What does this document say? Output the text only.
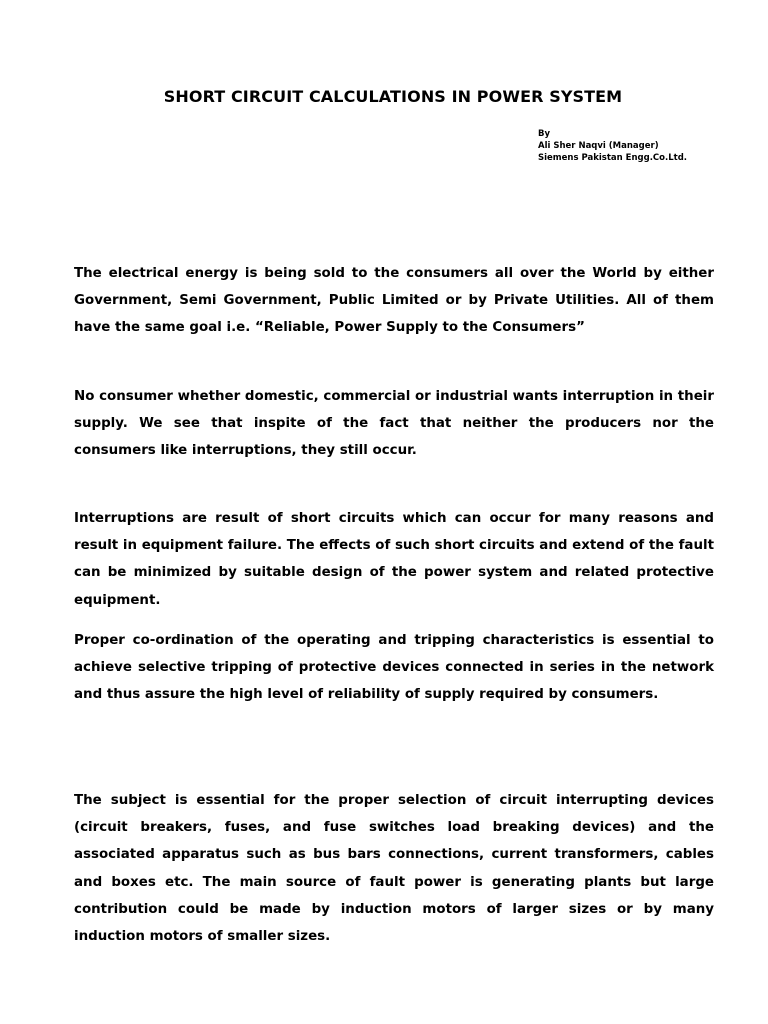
SHORT CIRCUIT CALCULATIONS IN POWER SYSTEM
By
Ali Sher Naqvi (Manager)
Siemens Pakistan Engg.Co.Ltd.

The electrical energy is being sold to the consumers all over the World by either Government, Semi Government, Public Limited or by Private Utilities. All of them have the same goal i.e. “Reliable, Power Supply to the Consumers”

No consumer whether domestic, commercial or industrial wants interruption in their supply. We see that inspite of the fact that neither the producers nor the consumers like interruptions, they still occur.

Interruptions are result of short circuits which can occur for many reasons and result in equipment failure. The effects of such short circuits and extend of the fault can be minimized by suitable design of the power system and related protective equipment.

Proper co-ordination of the operating and tripping characteristics is essential to achieve selective tripping of protective devices connected in series in the network and thus assure the high level of reliability of supply required by consumers.

The subject is essential for the proper selection of circuit interrupting devices (circuit breakers, fuses, and fuse switches load breaking devices) and the associated apparatus such as bus bars connections, current transformers, cables and boxes etc. The main source of fault power is generating plants but large contribution could be made by induction motors of larger sizes or by many induction motors of smaller sizes.
